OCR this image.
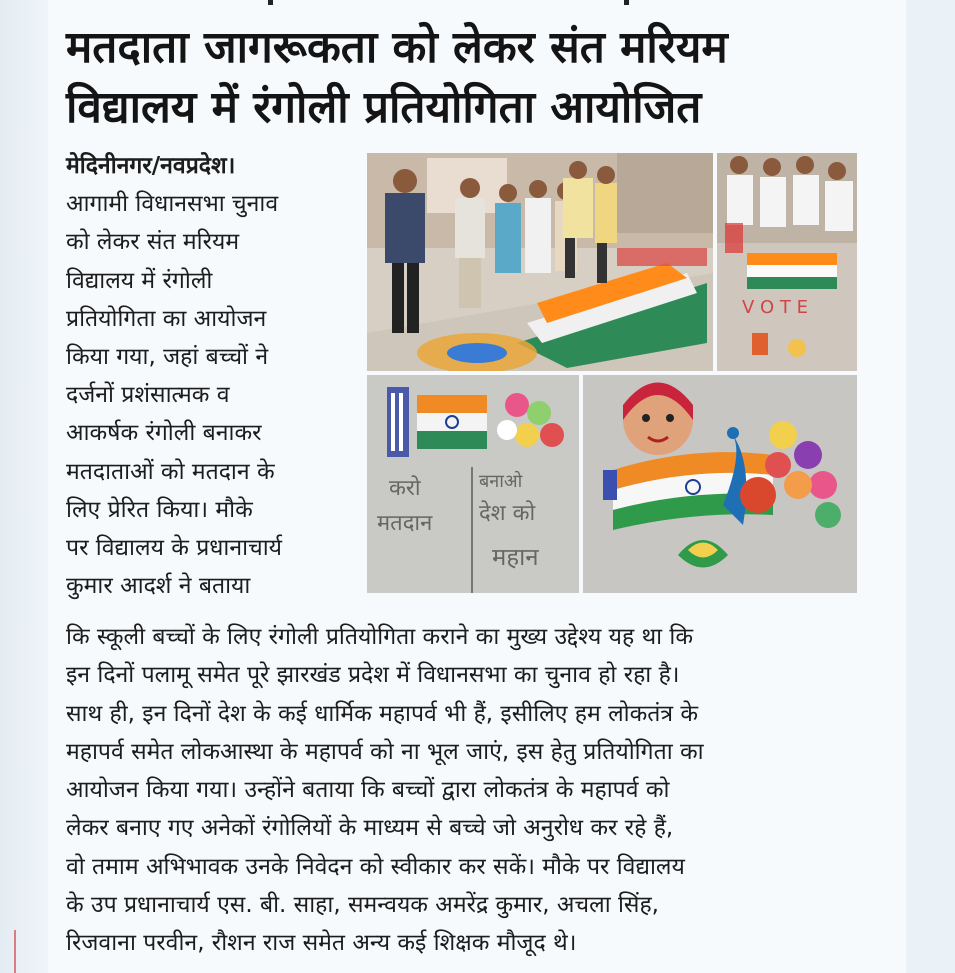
मतदाता जागरूकता को लेकर संत मरियम
विद्यालय में रंगोली प्रतियोगिता आयोजित
मेदिनीनगर/नवप्रदेश।
आगामी विधानसभा चुनाव
को लेकर संत मरियम
विद्यालय में रंगोली
प्रतियोगिता का आयोजन
किया गया, जहां बच्चों ने
दर्जनों प्रशंसात्मक व
आकर्षक रंगोली बनाकर
मतदाताओं को मतदान के
लिए प्रेरित किया। मौके
पर विद्यालय के प्रधानाचार्य
कुमार आदर्श ने बताया
V O T E
करो
मतदान
बनाओ
देश को
महान
कि स्कूली बच्चों के लिए रंगोली प्रतियोगिता कराने का मुख्य उद्देश्य यह था कि
इन दिनों पलामू समेत पूरे झारखंड प्रदेश में विधानसभा का चुनाव हो रहा है।
साथ ही, इन दिनों देश के कई धार्मिक महापर्व भी हैं, इसीलिए हम लोकतंत्र के
महापर्व समेत लोकआस्था के महापर्व को ना भूल जाएं, इस हेतु प्रतियोगिता का
आयोजन किया गया। उन्होंने बताया कि बच्चों द्वारा लोकतंत्र के महापर्व को
लेकर बनाए गए अनेकों रंगोलियों के माध्यम से बच्चे जो अनुरोध कर रहे हैं,
वो तमाम अभिभावक उनके निवेदन को स्वीकार कर सकें। मौके पर विद्यालय
के उप प्रधानाचार्य एस. बी. साहा, समन्वयक अमरेंद्र कुमार, अचला सिंह,
रिजवाना परवीन, रौशन राज समेत अन्य कई शिक्षक मौजूद थे।
